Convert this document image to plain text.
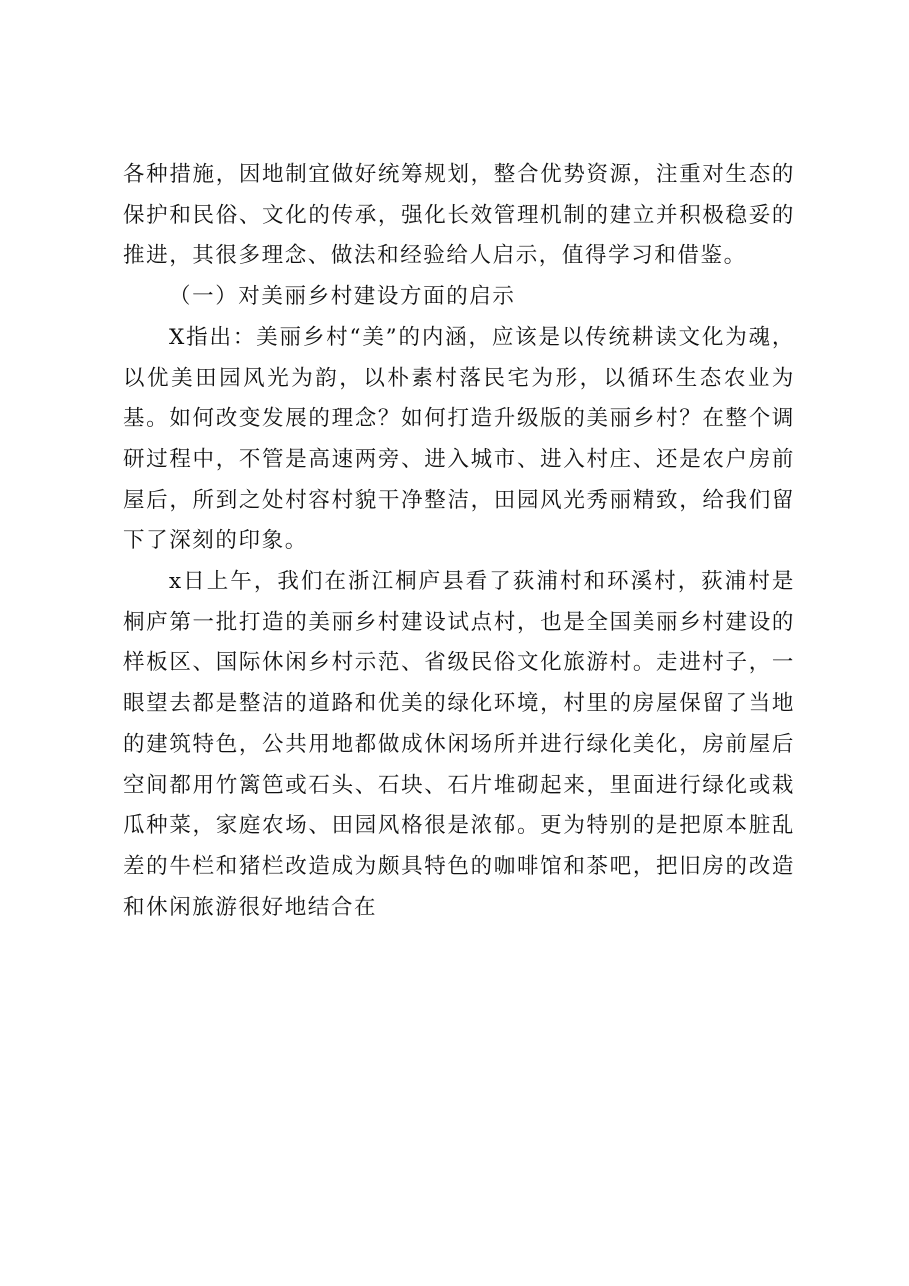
各种措施，因地制宜做好统筹规划，整合优势资源，注重对生态的保护和民俗、文化的传承，强化长效管理机制的建立并积极稳妥的推进，其很多理念、做法和经验给人启示，值得学习和借鉴。

（一）对美丽乡村建设方面的启示

X指出：美丽乡村“美”的内涵，应该是以传统耕读文化为魂，以优美田园风光为韵，以朴素村落民宅为形，以循环生态农业为基。如何改变发展的理念？如何打造升级版的美丽乡村？在整个调研过程中，不管是高速两旁、进入城市、进入村庄、还是农户房前屋后，所到之处村容村貌干净整洁，田园风光秀丽精致，给我们留下了深刻的印象。

x日上午，我们在浙江桐庐县看了荻浦村和环溪村，荻浦村是桐庐第一批打造的美丽乡村建设试点村，也是全国美丽乡村建设的样板区、国际休闲乡村示范、省级民俗文化旅游村。走进村子，一眼望去都是整洁的道路和优美的绿化环境，村里的房屋保留了当地的建筑特色，公共用地都做成休闲场所并进行绿化美化，房前屋后空间都用竹篱笆或石头、石块、石片堆砌起来，里面进行绿化或栽瓜种菜，家庭农场、田园风格很是浓郁。更为特别的是把原本脏乱差的牛栏和猪栏改造成为颇具特色的咖啡馆和茶吧，把旧房的改造和休闲旅游很好地结合在
